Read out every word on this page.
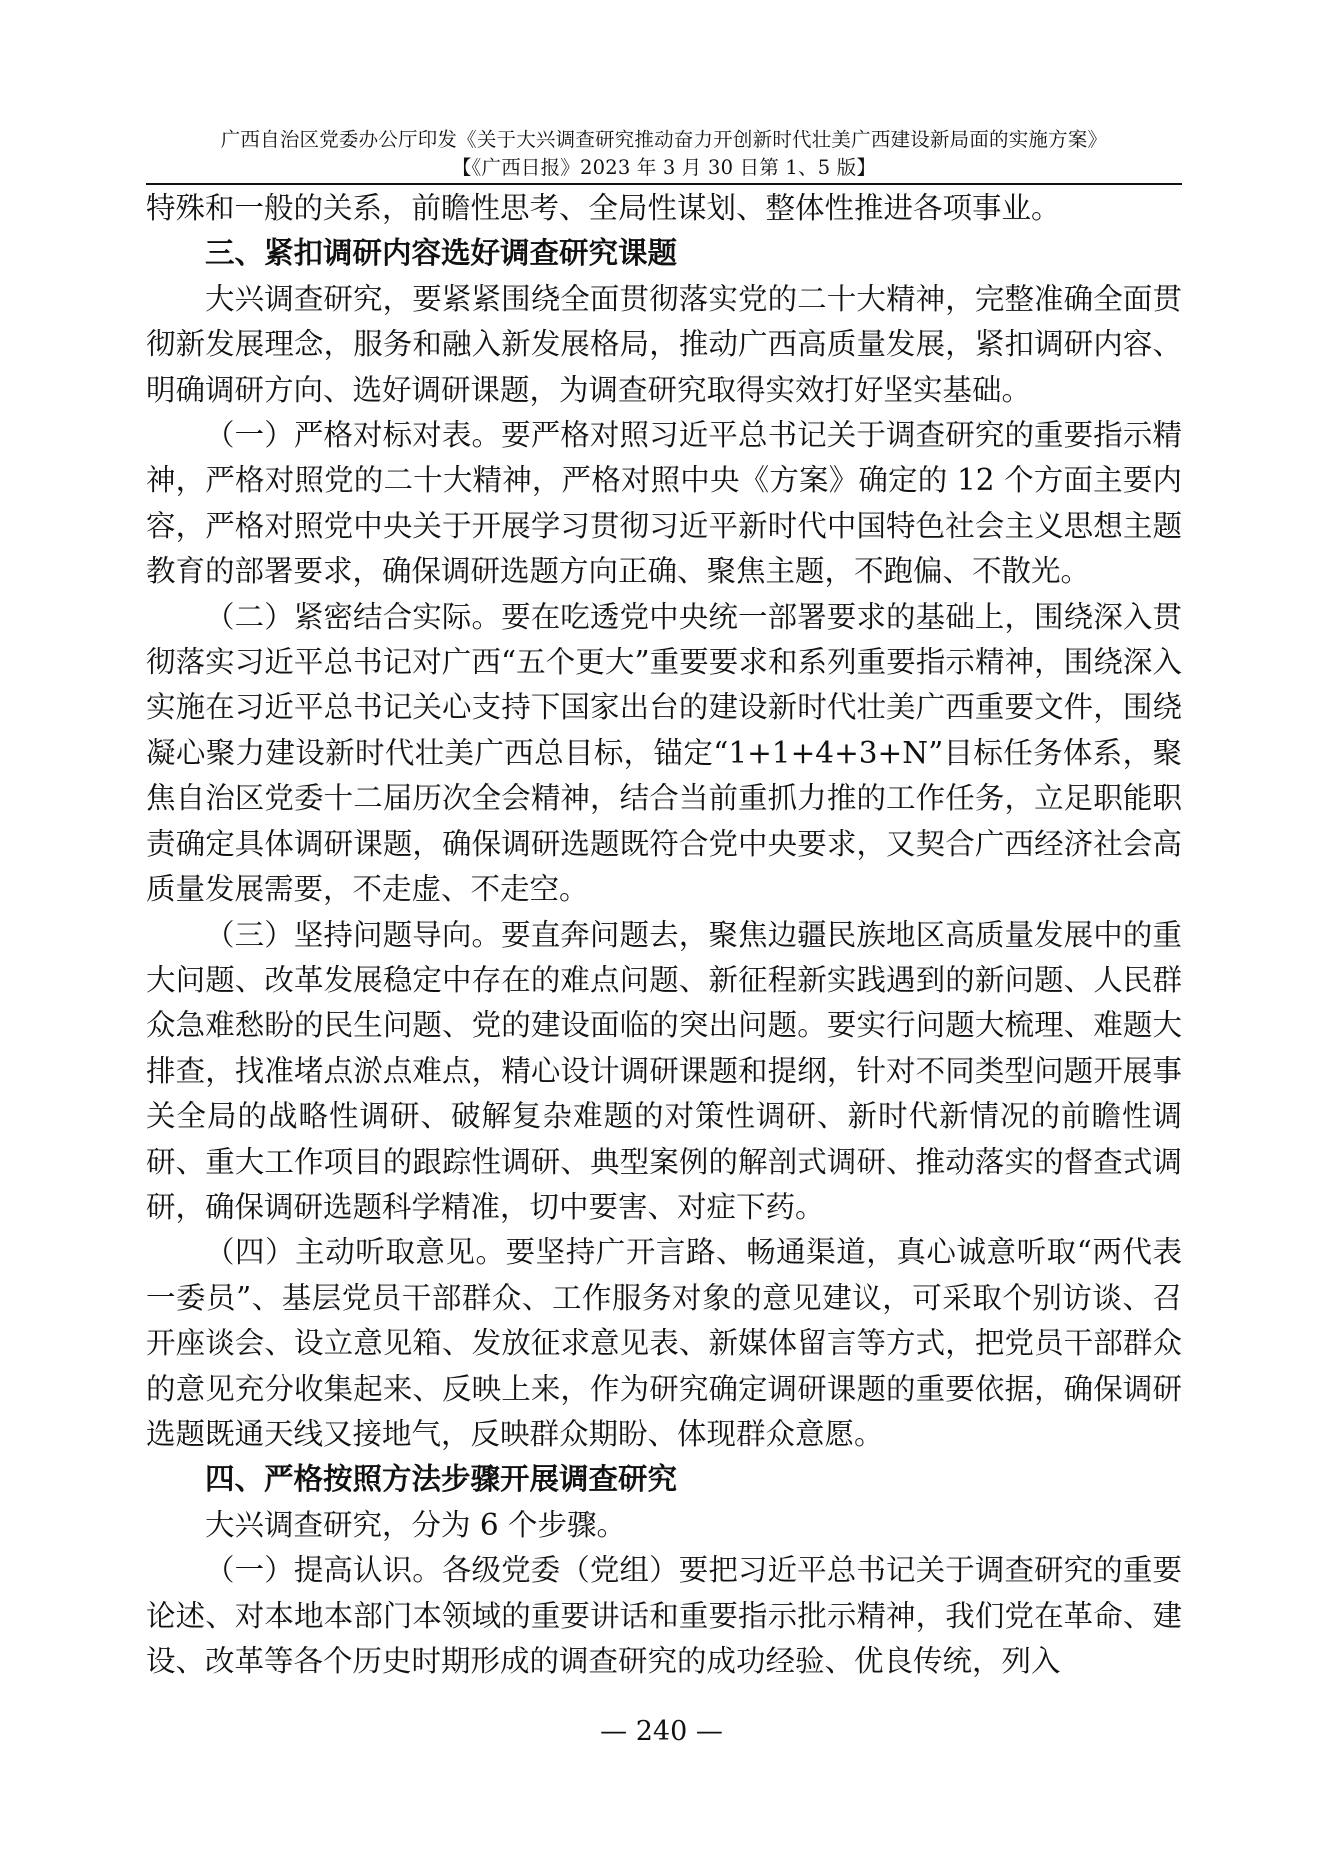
广西自治区党委办公厅印发《关于大兴调查研究推动奋力开创新时代壮美广西建设新局面的实施方案》
【《广西日报》2023 年 3 月 30 日第 1、5 版】

特殊和一般的关系，前瞻性思考、全局性谋划、整体性推进各项事业。

三、紧扣调研内容选好调查研究课题

大兴调查研究，要紧紧围绕全面贯彻落实党的二十大精神，完整准确全面贯彻新发展理念，服务和融入新发展格局，推动广西高质量发展，紧扣调研内容、明确调研方向、选好调研课题，为调查研究取得实效打好坚实基础。

（一）严格对标对表。要严格对照习近平总书记关于调查研究的重要指示精神，严格对照党的二十大精神，严格对照中央《方案》确定的 12 个方面主要内容，严格对照党中央关于开展学习贯彻习近平新时代中国特色社会主义思想主题教育的部署要求，确保调研选题方向正确、聚焦主题，不跑偏、不散光。

（二）紧密结合实际。要在吃透党中央统一部署要求的基础上，围绕深入贯彻落实习近平总书记对广西“五个更大”重要要求和系列重要指示精神，围绕深入实施在习近平总书记关心支持下国家出台的建设新时代壮美广西重要文件，围绕凝心聚力建设新时代壮美广西总目标，锚定“1+1+4+3+N”目标任务体系，聚焦自治区党委十二届历次全会精神，结合当前重抓力推的工作任务，立足职能职责确定具体调研课题，确保调研选题既符合党中央要求，又契合广西经济社会高质量发展需要，不走虚、不走空。

（三）坚持问题导向。要直奔问题去，聚焦边疆民族地区高质量发展中的重大问题、改革发展稳定中存在的难点问题、新征程新实践遇到的新问题、人民群众急难愁盼的民生问题、党的建设面临的突出问题。要实行问题大梳理、难题大排查，找准堵点淤点难点，精心设计调研课题和提纲，针对不同类型问题开展事关全局的战略性调研、破解复杂难题的对策性调研、新时代新情况的前瞻性调研、重大工作项目的跟踪性调研、典型案例的解剖式调研、推动落实的督查式调研，确保调研选题科学精准，切中要害、对症下药。

（四）主动听取意见。要坚持广开言路、畅通渠道，真心诚意听取“两代表一委员”、基层党员干部群众、工作服务对象的意见建议，可采取个别访谈、召开座谈会、设立意见箱、发放征求意见表、新媒体留言等方式，把党员干部群众的意见充分收集起来、反映上来，作为研究确定调研课题的重要依据，确保调研选题既通天线又接地气，反映群众期盼、体现群众意愿。

四、严格按照方法步骤开展调查研究

大兴调查研究，分为 6 个步骤。

（一）提高认识。各级党委（党组）要把习近平总书记关于调查研究的重要论述、对本地本部门本领域的重要讲话和重要指示批示精神，我们党在革命、建设、改革等各个历史时期形成的调查研究的成功经验、优良传统，列入

— 240 —
